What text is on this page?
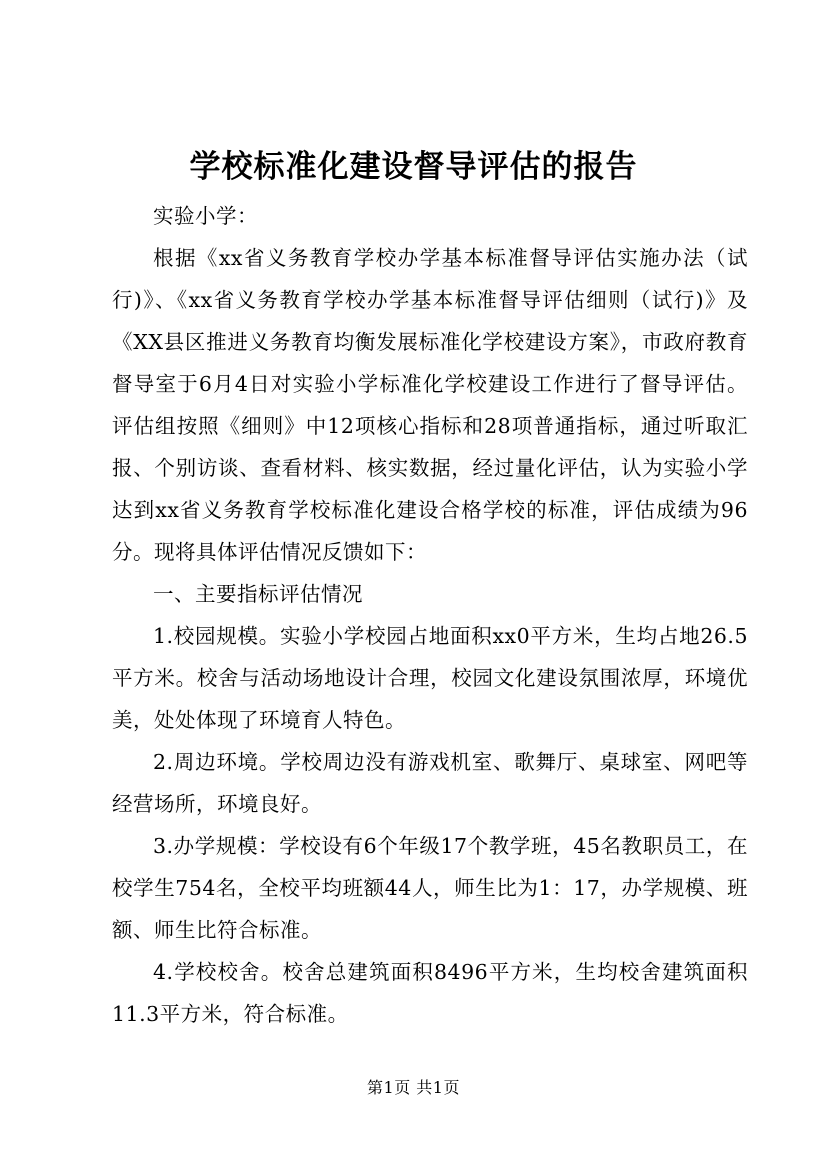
学校标准化建设督导评估的报告

实验小学：

根据《xx省义务教育学校办学基本标准督导评估实施办法（试行)》、《xx省义务教育学校办学基本标准督导评估细则（试行)》及《XX县区推进义务教育均衡发展标准化学校建设方案》，市政府教育督导室于6月4日对实验小学标准化学校建设工作进行了督导评估。评估组按照《细则》中12项核心指标和28项普通指标，通过听取汇报、个别访谈、查看材料、核实数据，经过量化评估，认为实验小学达到xx省义务教育学校标准化建设合格学校的标准，评估成绩为96分。现将具体评估情况反馈如下：

一、主要指标评估情况

1.校园规模。实验小学校园占地面积xx0平方米，生均占地26.5平方米。校舍与活动场地设计合理，校园文化建设氛围浓厚，环境优美，处处体现了环境育人特色。

2.周边环境。学校周边没有游戏机室、歌舞厅、桌球室、网吧等经营场所，环境良好。

3.办学规模：学校设有6个年级17个教学班，45名教职员工，在校学生754名，全校平均班额44人，师生比为1：17，办学规模、班额、师生比符合标准。

4.学校校舍。校舍总建筑面积8496平方米，生均校舍建筑面积11.3平方米，符合标准。

第1页 共1页
